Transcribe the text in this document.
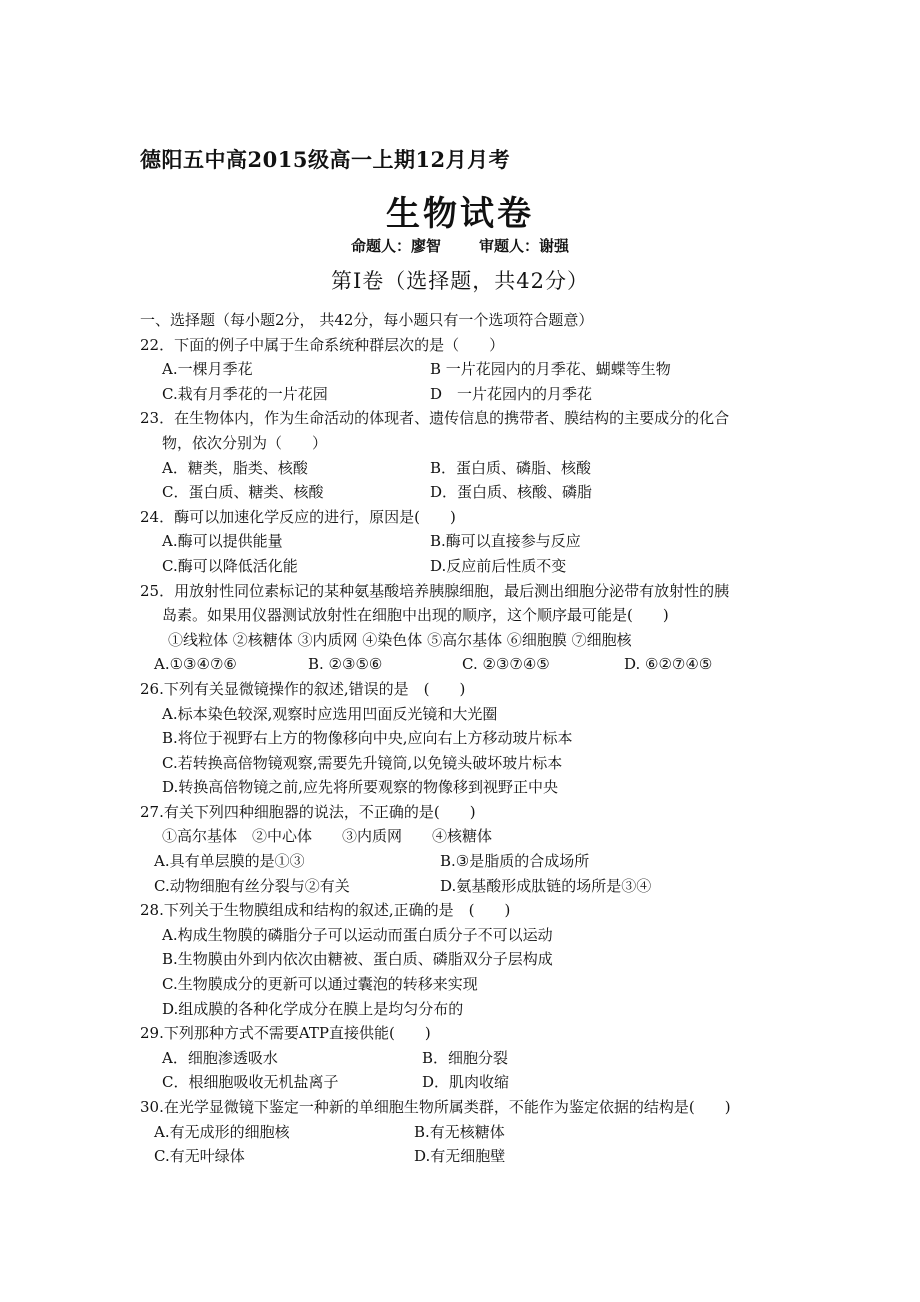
德阳五中高2015级高一上期12月月考
生物试卷
命题人：廖智	审题人：谢强
第Ⅰ卷（选择题，共42分）
一、选择题（每小题2分， 共42分，每小题只有一个选项符合题意）
22．下面的例子中属于生命系统种群层次的是（　　）
A.一棵月季花	B 一片花园内的月季花、蝴蝶等生物
C.栽有月季花的一片花园	D　一片花园内的月季花
23．在生物体内，作为生命活动的体现者、遗传信息的携带者、膜结构的主要成分的化合
物，依次分别为（　　）
A．糖类，脂类、核酸	B．蛋白质、磷脂、核酸
C．蛋白质、糖类、核酸	D．蛋白质、核酸、磷脂
24．酶可以加速化学反应的进行，原因是(　　)
A.酶可以提供能量	B.酶可以直接参与反应
C.酶可以降低活化能	D.反应前后性质不变
25．用放射性同位素标记的某种氨基酸培养胰腺细胞，最后测出细胞分泌带有放射性的胰
岛素。如果用仪器测试放射性在细胞中出现的顺序，这个顺序最可能是(　　)
①线粒体 ②核糖体 ③内质网 ④染色体 ⑤高尔基体 ⑥细胞膜 ⑦细胞核
A.①③④⑦⑥	B. ②③⑤⑥	C. ②③⑦④⑤	D. ⑥②⑦④⑤
26.下列有关显微镜操作的叙述,错误的是　(　　)
A.标本染色较深,观察时应选用凹面反光镜和大光圈
B.将位于视野右上方的物像移向中央,应向右上方移动玻片标本
C.若转换高倍物镜观察,需要先升镜筒,以免镜头破坏玻片标本
D.转换高倍物镜之前,应先将所要观察的物像移到视野正中央
27.有关下列四种细胞器的说法，不正确的是(　　)
①高尔基体　②中心体　　③内质网　　④核糖体
A.具有单层膜的是①③	B.③是脂质的合成场所
C.动物细胞有丝分裂与②有关	D.氨基酸形成肽链的场所是③④
28.下列关于生物膜组成和结构的叙述,正确的是　(　　)
A.构成生物膜的磷脂分子可以运动而蛋白质分子不可以运动
B.生物膜由外到内依次由糖被、蛋白质、磷脂双分子层构成
C.生物膜成分的更新可以通过囊泡的转移来实现
D.组成膜的各种化学成分在膜上是均匀分布的
29.下列那种方式不需要ATP直接供能(　　)
A．细胞渗透吸水	B．细胞分裂
C．根细胞吸收无机盐离子	D．肌肉收缩
30.在光学显微镜下鉴定一种新的单细胞生物所属类群，不能作为鉴定依据的结构是(　　)
A.有无成形的细胞核	B.有无核糖体
C.有无叶绿体	D.有无细胞壁
